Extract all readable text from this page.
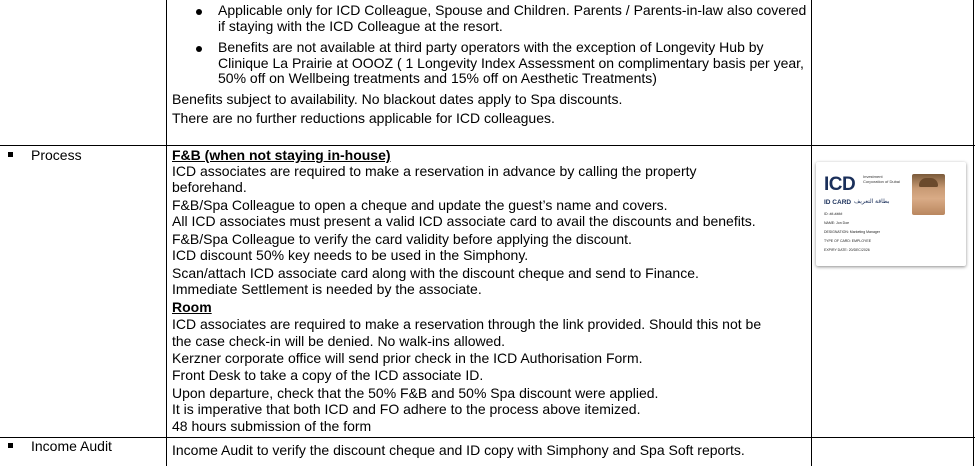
Applicable only for ICD Colleague, Spouse and Children. Parents / Parents-in-law also covered if staying with the ICD Colleague at the resort.
Benefits are not available at third party operators with the exception of Longevity Hub by Clinique La Prairie at OOOZ ( 1 Longevity Index Assessment on complimentary basis per year, 50% off on Wellbeing treatments and 15% off on Aesthetic Treatments)
Benefits subject to availability. No blackout dates apply to Spa discounts.
There are no further reductions applicable for ICD colleagues.
Process	F&B (when not staying in-house)
ICD associates are required to make a reservation in advance by calling the property
beforehand.
F&B/Spa Colleague to open a cheque and update the guest’s name and covers.
All ICD associates must present a valid ICD associate card to avail the discounts and benefits.
F&B/Spa Colleague to verify the card validity before applying the discount.
ICD discount 50% key needs to be used in the Simphony.
Scan/attach ICD associate card along with the discount cheque and send to Finance.
Immediate Settlement is needed by the associate.
Room
ICD associates are required to make a reservation through the link provided. Should this not be
the case check-in will be denied. No walk-ins allowed.
Kerzner corporate office will send prior check in the ICD Authorisation Form.
Front Desk to take a copy of the ICD associate ID.
Upon departure, check that the 50% F&B and 50% Spa discount were applied.
It is imperative that both ICD and FO adhere to the process above itemized.
48 hours submission of the form
ICD Investment Corporation of Dubai
ID CARD بطاقة التعريف
ID: ##-####
NAME: Jon Doe
DESIGNATION: Marketing Manager
TYPE OF CARD: EMPLOYEE
EXPIRY DATE: 20/DEC/2026
Income Audit	Income Audit to verify the discount cheque and ID copy with Simphony and Spa Soft reports.
